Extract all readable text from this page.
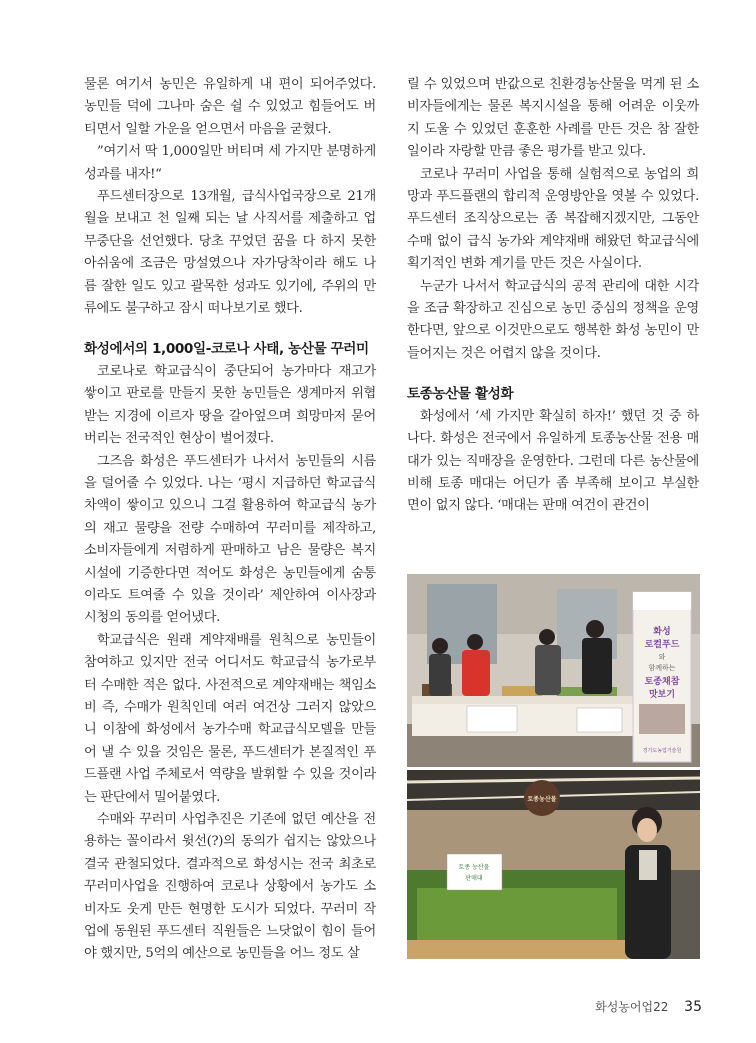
물론 여기서 농민은 유일하게 내 편이 되어주었다. 농민들 덕에 그나마 숨은 쉴 수 있었고 힘들어도 버티면서 일할 가운을 얻으면서 마음을 굳혔다.

”여기서 딱 1,000일만 버티며 세 가지만 분명하게 성과를 내자!“

푸드센터장으로 13개월, 급식사업국장으로 21개월을 보내고 천 일째 되는 날 사직서를 제출하고 업무중단을 선언했다. 당초 꾸었던 꿈을 다 하지 못한 아쉬움에 조금은 망설였으나 자가당착이라 해도 나름 잘한 일도 있고 괄목한 성과도 있기에, 주위의 만류에도 불구하고 잠시 떠나보기로 했다.

화성에서의 1,000일-코로나 사태, 농산물 꾸러미

코로나로 학교급식이 중단되어 농가마다 재고가 쌓이고 판로를 만들지 못한 농민들은 생계마저 위협받는 지경에 이르자 땅을 갈아엎으며 희망마저 묻어버리는 전국적인 현상이 벌어졌다.

그즈음 화성은 푸드센터가 나서서 농민들의 시름을 덜어줄 수 있었다. 나는 ‘평시 지급하던 학교급식 차액이 쌓이고 있으니 그걸 활용하여 학교급식 농가의 재고 물량을 전량 수매하여 꾸러미를 제작하고, 소비자들에게 저렴하게 판매하고 남은 물량은 복지시설에 기증한다면 적어도 화성은 농민들에게 숨통이라도 트여줄 수 있을 것이라’ 제안하여 이사장과 시청의 동의를 얻어냈다.

학교급식은 원래 계약재배를 원칙으로 농민들이 참여하고 있지만 전국 어디서도 학교급식 농가로부터 수매한 적은 없다. 사전적으로 계약재배는 책임소비 즉, 수매가 원칙인데 여러 여건상 그러지 않았으니 이참에 화성에서 농가수매 학교급식모델을 만들어 낼 수 있을 것임은 물론, 푸드센터가 본질적인 푸드플랜 사업 주체로서 역량을 발휘할 수 있을 것이라는 판단에서 밀어붙였다.

수매와 꾸러미 사업추진은 기존에 없던 예산을 전용하는 꼴이라서 윗선(?)의 동의가 쉽지는 않았으나 결국 관철되었다. 결과적으로 화성시는 전국 최초로 꾸러미사업을 진행하여 코로나 상황에서 농가도 소비자도 웃게 만든 현명한 도시가 되었다. 꾸러미 작업에 동원된 푸드센터 직원들은 느닷없이 힘이 들어야 했지만, 5억의 예산으로 농민들을 어느 정도 살

릴 수 있었으며 반값으로 친환경농산물을 먹게 된 소비자들에게는 물론 복지시설을 통해 어려운 이웃까지 도울 수 있었던 훈훈한 사례를 만든 것은 참 잘한 일이라 자랑할 만큼 좋은 평가를 받고 있다.

코로나 꾸러미 사업을 통해 실험적으로 농업의 희망과 푸드플랜의 합리적 운영방안을 엿볼 수 있었다. 푸드센터 조직상으로는 좀 복잡해지겠지만, 그동안 수매 없이 급식 농가와 계약재배 해왔던 학교급식에 획기적인 변화 계기를 만든 것은 사실이다.

누군가 나서서 학교급식의 공적 관리에 대한 시각을 조금 확장하고 진심으로 농민 중심의 정책을 운영한다면, 앞으로 이것만으로도 행복한 화성 농민이 만들어지는 것은 어렵지 않을 것이다.

토종농산물 활성화

화성에서 ‘세 가지만 확실히 하자!’ 했던 것 중 하나다. 화성은 전국에서 유일하게 토종농산물 전용 매대가 있는 직매장을 운영한다. 그런데 다른 농산물에 비해 토종 매대는 어딘가 좀 부족해 보이고 부실한 면이 없지 않다. ‘매대는 판매 여건이 관건이

화성
로컬푸드
와
함께하는
토종채참
맛보기
경기도농업기술원
토종농산물
토종 농산물
판매대
화성농어업22 35
